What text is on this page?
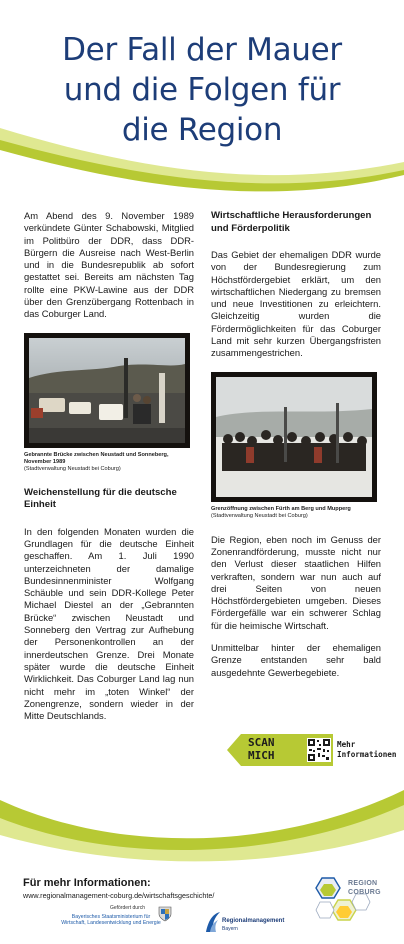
Der Fall der Mauer
und die Folgen für
die Region

Am Abend des 9. November 1989 verkündete Günter Schabowski, Mitglied im Politbüro der DDR, dass DDR-Bürgern die Ausreise nach West-Berlin und in die Bundesrepublik ab sofort gestattet sei. Bereits am nächsten Tag rollte eine PKW-Lawine aus der DDR über den Grenzübergang Rottenbach in das Coburger Land.

Gebrannte Brücke zwischen Neustadt und Sonneberg, November 1989
(Stadtverwaltung Neustadt bei Coburg)
Weichenstellung für die deutsche Einheit

In den folgenden Monaten wurden die Grundlagen für die deutsche Einheit geschaffen. Am 1. Juli 1990 unterzeichneten der damalige Bundesinnenminister Wolfgang Schäuble und sein DDR-Kollege Peter Michael Diestel an der „Gebrannten Brücke“ zwischen Neustadt und Sonneberg den Vertrag zur Aufhebung der Personenkontrollen an der innerdeutschen Grenze. Drei Monate später wurde die deutsche Einheit Wirklichkeit. Das Coburger Land lag nun nicht mehr im „toten Winkel“ der Zonengrenze, sondern wieder in der Mitte Deutschlands.

Wirtschaftliche Herausforderungen und Förderpolitik

Das Gebiet der ehemaligen DDR wurde von der Bundesregierung zum Höchstfördergebiet erklärt, um den wirtschaftlichen Niedergang zu bremsen und neue Investitionen zu erleichtern. Gleichzeitig wurden die Fördermöglichkeiten für das Coburger Land mit sehr kurzen Übergangsfristen zusammengestrichen.

Grenzöffnung zwischen Fürth am Berg und Mupperg
(Stadtverwaltung Neustadt bei Coburg)

Die Region, eben noch im Genuss der Zonenrandförderung, musste nicht nur den Verlust dieser staatlichen Hilfen verkraften, sondern war nun auch auf drei Seiten von neuen Höchstfördergebieten umgeben. Dieses Fördergefälle war ein schwerer Schlag für die heimische Wirtschaft.

Unmittelbar hinter der ehemaligen Grenze entstanden sehr bald ausgedehnte Gewerbegebiete.

SCAN
MICH
Mehr
Informationen
Für mehr Informationen:
www.regionalmanagement-coburg.de/wirtschaftsgeschichte/
Gefördert durch
Bayerisches Staatsministerium für
Wirtschaft, Landesentwicklung und Energie	Regionalmanagement
Bayern
REGION
COBURG
